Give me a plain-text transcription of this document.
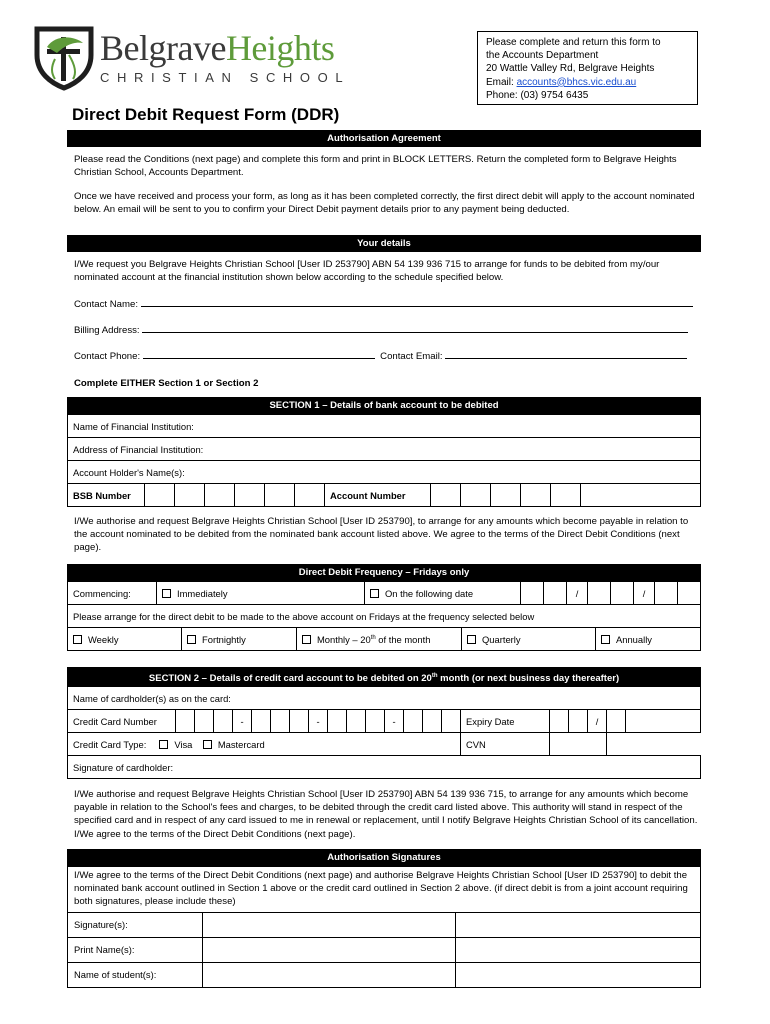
BelgraveHeights
CHRISTIAN SCHOOL
Please complete and return this form to
the Accounts Department
20 Wattle Valley Rd, Belgrave Heights
Email: accounts@bhcs.vic.edu.au
Phone: (03) 9754 6435
Direct Debit Request Form (DDR)
Authorisation Agreement
Please read the Conditions (next page) and complete this form and print in BLOCK LETTERS. Return the completed form to Belgrave Heights Christian School, Accounts Department.
Once we have received and process your form, as long as it has been completed correctly, the first direct debit will apply to the account nominated below. An email will be sent to you to confirm your Direct Debit payment details prior to any payment being deducted.
Your details
I/We request you Belgrave Heights Christian School [User ID 253790] ABN 54 139 936 715 to arrange for funds to be debited from my/our nominated account at the financial institution shown below according to the schedule specified below.
Contact Name:
Billing Address:
Contact Phone:	Contact Email:
Complete EITHER Section 1 or Section 2
SECTION 1 – Details of bank account to be debited
Name of Financial Institution:
Address of Financial Institution:
Account Holder's Name(s):
BSB Number							Account Number						
I/We authorise and request Belgrave Heights Christian School [User ID 253790], to arrange for any amounts which become payable in relation to the account nominated to be debited from the nominated bank account listed above. We agree to the terms of the Direct Debit Conditions (next page).
Direct Debit Frequency – Fridays only
Commencing:	Immediately	On the following date			/			/		
Please arrange for the direct debit to be made to the above account on Fridays at the frequency selected below
Weekly	Fortnightly	Monthly – 20th of the month	Quarterly	Annually
SECTION 2 – Details of credit card account to be debited on 20th month (or next business day thereafter)
Name of cardholder(s) as on the card:																					
Credit Card Number				-				-				-				Expiry Date			/		
Credit Card Type: Visa Mastercard																CVN					
Signature of cardholder:																					
I/We authorise and request Belgrave Heights Christian School [User ID 253790] ABN 54 139 936 715, to arrange for any amounts which become payable in relation to the School's fees and charges, to be debited through the credit card listed above. This authority will stand in respect of the specified card and in respect of any card issued to me in renewal or replacement, until I notify Belgrave Heights Christian School of its cancellation. I/We agree to the terms of the Direct Debit Conditions (next page).
Authorisation Signatures
I/We agree to the terms of the Direct Debit Conditions (next page) and authorise Belgrave Heights Christian School [User ID 253790] to debit the nominated bank account outlined in Section 1 above or the credit card outlined in Section 2 above. (if direct debit is from a joint account requiring both signatures, please include these)
Signature(s):
Print Name(s):
Name of student(s):
